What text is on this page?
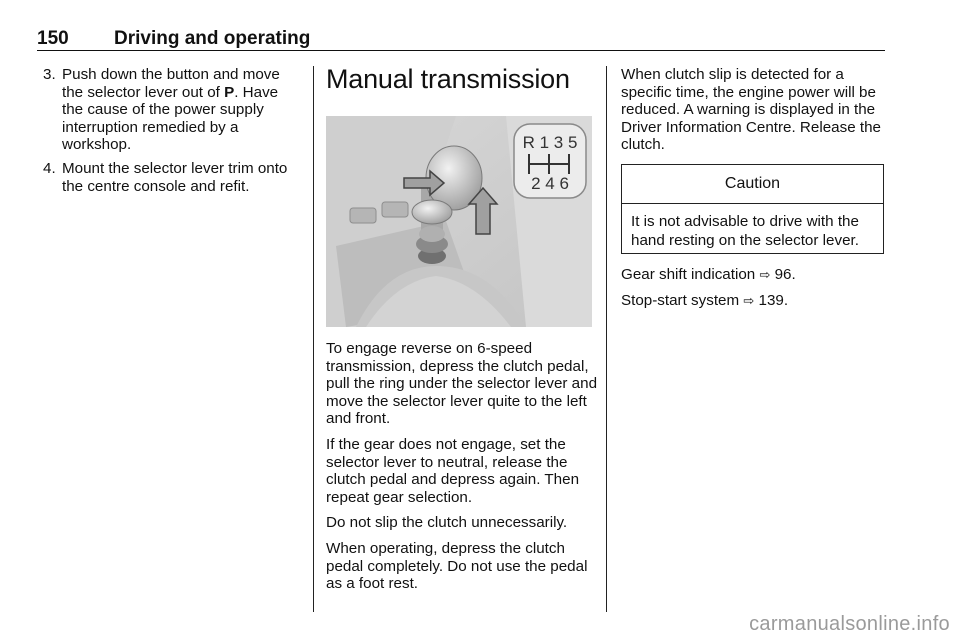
150 Driving and operating
3. Push down the button and move the selector lever out of P. Have the cause of the power supply interruption remedied by a workshop.
4. Mount the selector lever trim onto the centre console and refit.
Manual transmission
R 1 3 5
2 4 6

To engage reverse on 6-speed transmission, depress the clutch pedal, pull the ring under the selector lever and move the selector lever quite to the left and front.

If the gear does not engage, set the selector lever to neutral, release the clutch pedal and depress again. Then repeat gear selection.

Do not slip the clutch unnecessarily.

When operating, depress the clutch pedal completely. Do not use the pedal as a foot rest.

When clutch slip is detected for a specific time, the engine power will be reduced. A warning is displayed in the Driver Information Centre. Release the clutch.

Caution
It is not advisable to drive with the hand resting on the selector lever.

Gear shift indication ⇨ 96.

Stop-start system ⇨ 139.

carmanualsonline.info
